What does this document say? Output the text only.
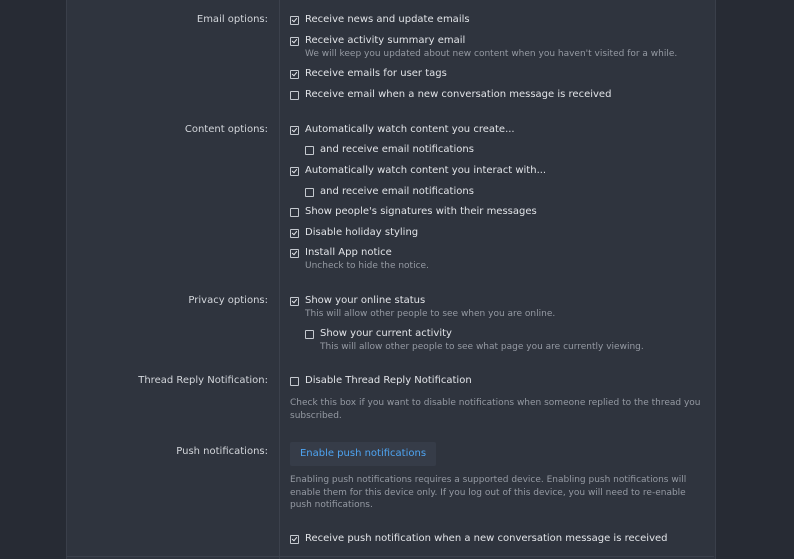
Email options:	Receive news and update emails
Receive activity summary email
We will keep you updated about new content when you haven't visited for a while.
Receive emails for user tags
Receive email when a new conversation message is received
Content options:	Automatically watch content you create...
and receive email notifications
Automatically watch content you interact with...
and receive email notifications
Show people's signatures with their messages
Disable holiday styling
Install App notice
Uncheck to hide the notice.
Privacy options:	Show your online status
This will allow other people to see when you are online.
Show your current activity
This will allow other people to see what page you are currently viewing.
Thread Reply Notification:	Disable Thread Reply Notification
Check this box if you want to disable notifications when someone replied to the thread you subscribed.
Push notifications:	Enable push notifications
Enabling push notifications requires a supported device. Enabling push notifications will enable them for this device only. If you log out of this device, you will need to re-enable push notifications.
Receive push notification when a new conversation message is received
